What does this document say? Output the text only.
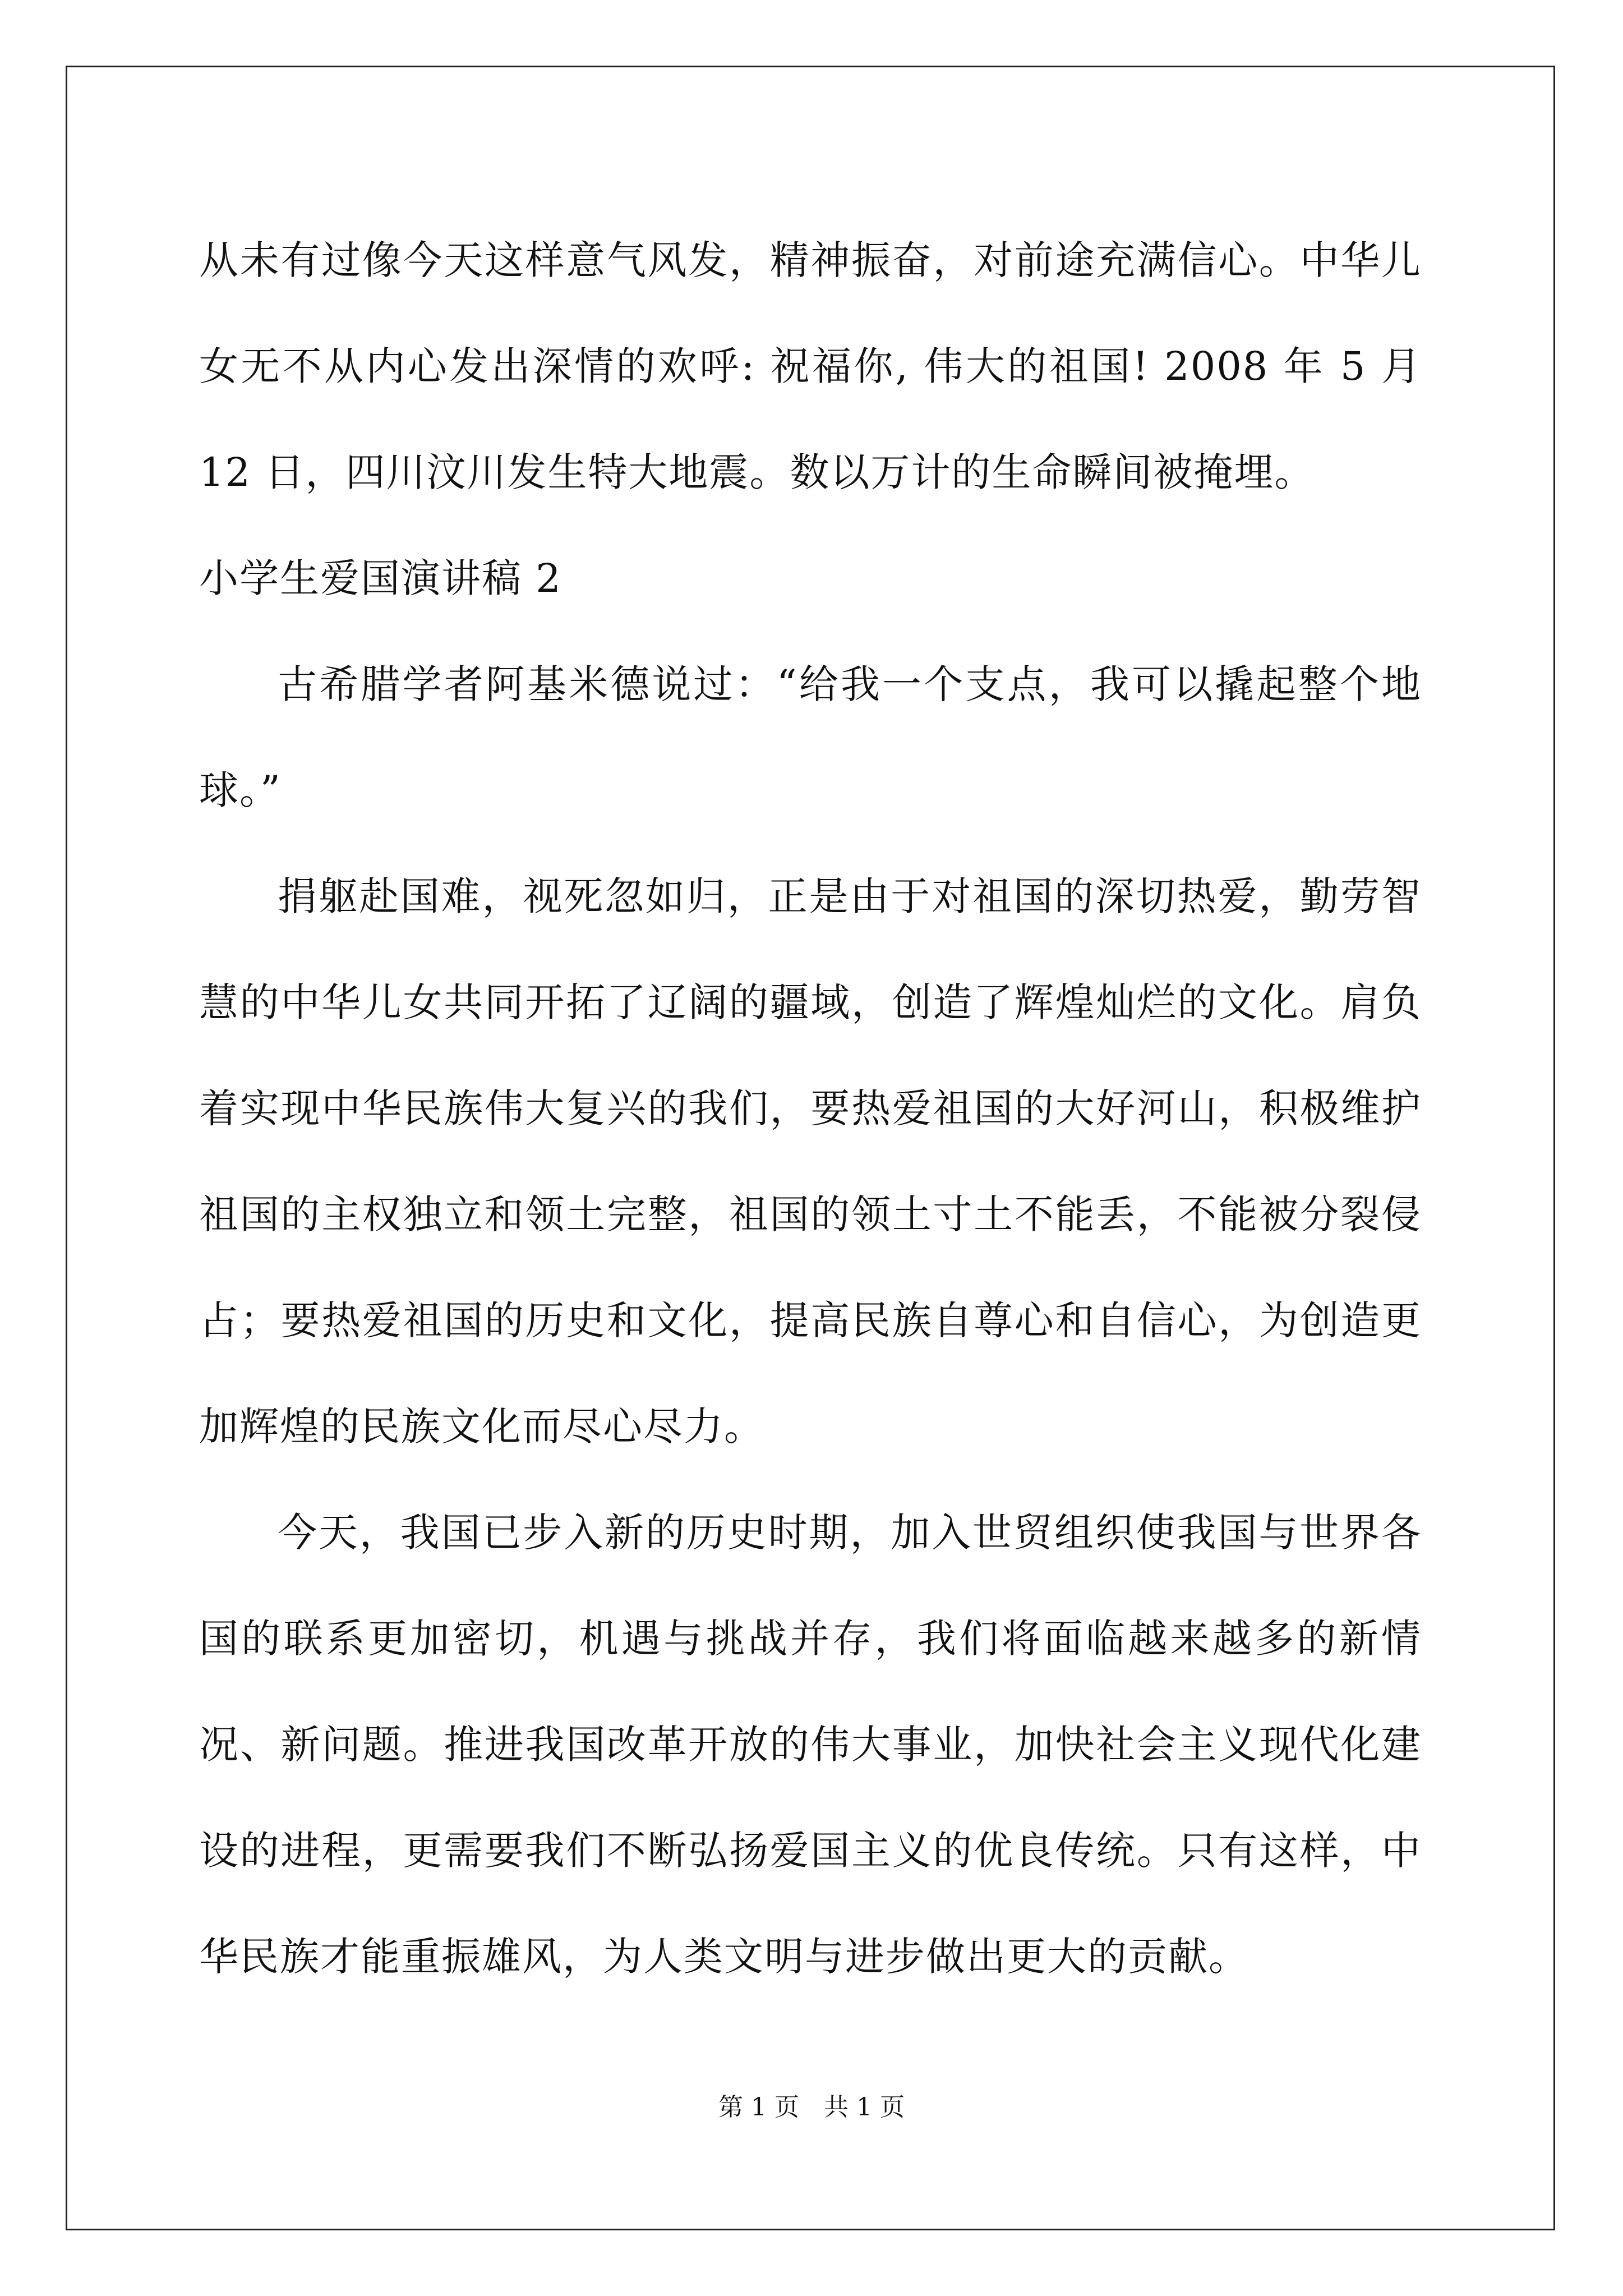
从未有过像今天这样意气风发，精神振奋，对前途充满信心。中华儿女无不从内心发出深情的欢呼: 祝福你, 伟大的祖国! 2008 年 5 月 12 日，四川汶川发生特大地震。数以万计的生命瞬间被掩埋。

小学生爱国演讲稿 2

古希腊学者阿基米德说过：“给我一个支点，我可以撬起整个地球。”

捐躯赴国难，视死忽如归，正是由于对祖国的深切热爱，勤劳智慧的中华儿女共同开拓了辽阔的疆域，创造了辉煌灿烂的文化。肩负着实现中华民族伟大复兴的我们，要热爱祖国的大好河山，积极维护祖国的主权独立和领土完整，祖国的领土寸土不能丢，不能被分裂侵占；要热爱祖国的历史和文化，提高民族自尊心和自信心，为创造更加辉煌的民族文化而尽心尽力。

今天，我国已步入新的历史时期，加入世贸组织使我国与世界各国的联系更加密切，机遇与挑战并存，我们将面临越来越多的新情况、新问题。推进我国改革开放的伟大事业，加快社会主义现代化建设的进程，更需要我们不断弘扬爱国主义的优良传统。只有这样，中华民族才能重振雄风，为人类文明与进步做出更大的贡献。

第 1 页 共 1 页
